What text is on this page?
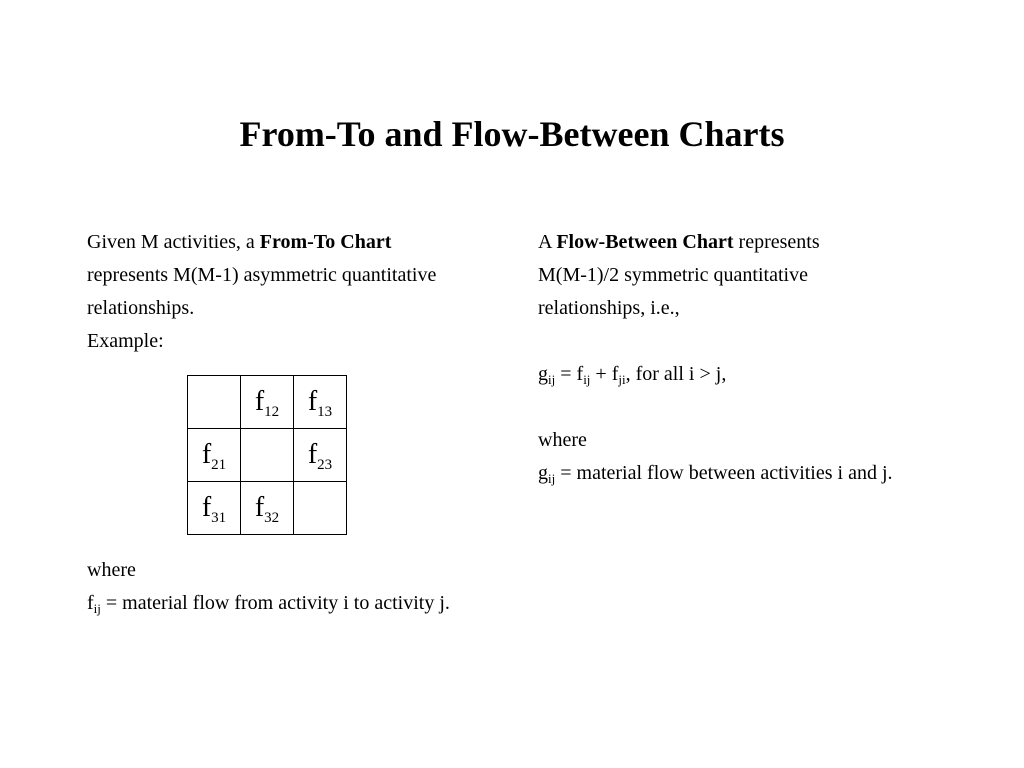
From-To and Flow-Between Charts
Given M activities, a From-To Chart
represents M(M-1) asymmetric quantitative
relationships.
Example:
	$f_{12}$	$f_{13}$
$f_{21}$		$f_{23}$
$f_{31}$	$f_{32}$	
where
$f_{ij}$ = material flow from activity i to activity j.
A Flow-Between Chart represents
M(M-1)/2 symmetric quantitative
relationships, i.e.,
$g_{ij} = f_{ij} + f_{ji}$, for all i > j,
where
$g_{ij}$ = material flow between activities i and j.
